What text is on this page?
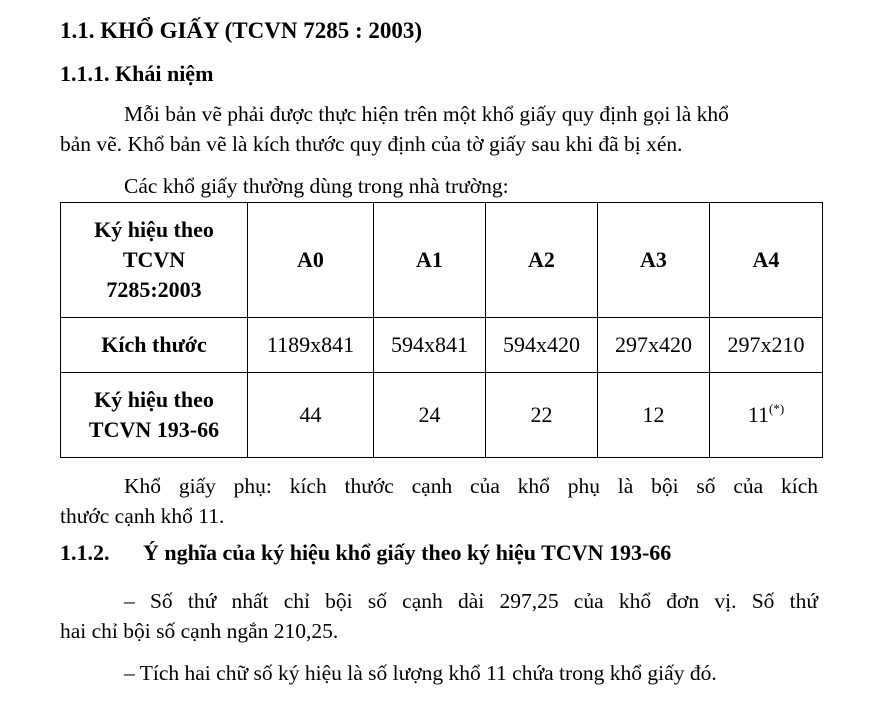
1.1. KHỔ GIẤY (TCVN 7285 : 2003)
1.1.1. Khái niệm

Mỗi bản vẽ phải được thực hiện trên một khổ giấy quy định gọi là khổ
bản vẽ. Khổ bản vẽ là kích thước quy định của tờ giấy sau khi đã bị xén.

Các khổ giấy thường dùng trong nhà trường:

Ký hiệu theo
TCVN
7285:2003	A0	A1	A2	A3	A4
Kích thước	1189x841	594x841	594x420	297x420	297x210

Ký hiệu theo
TCVN 193-66	44	24	22	12	11(*)

Khổ giấy phụ: kích thước cạnh của khổ phụ là bội số của kích
thước cạnh khổ 11.

1.1.2. Ý nghĩa của ký hiệu khổ giấy theo ký hiệu TCVN 193-66

– Số thứ nhất chỉ bội số cạnh dài 297,25 của khổ đơn vị. Số thứ
hai chỉ bội số cạnh ngắn 210,25.

– Tích hai chữ số ký hiệu là số lượng khổ 11 chứa trong khổ giấy đó.
